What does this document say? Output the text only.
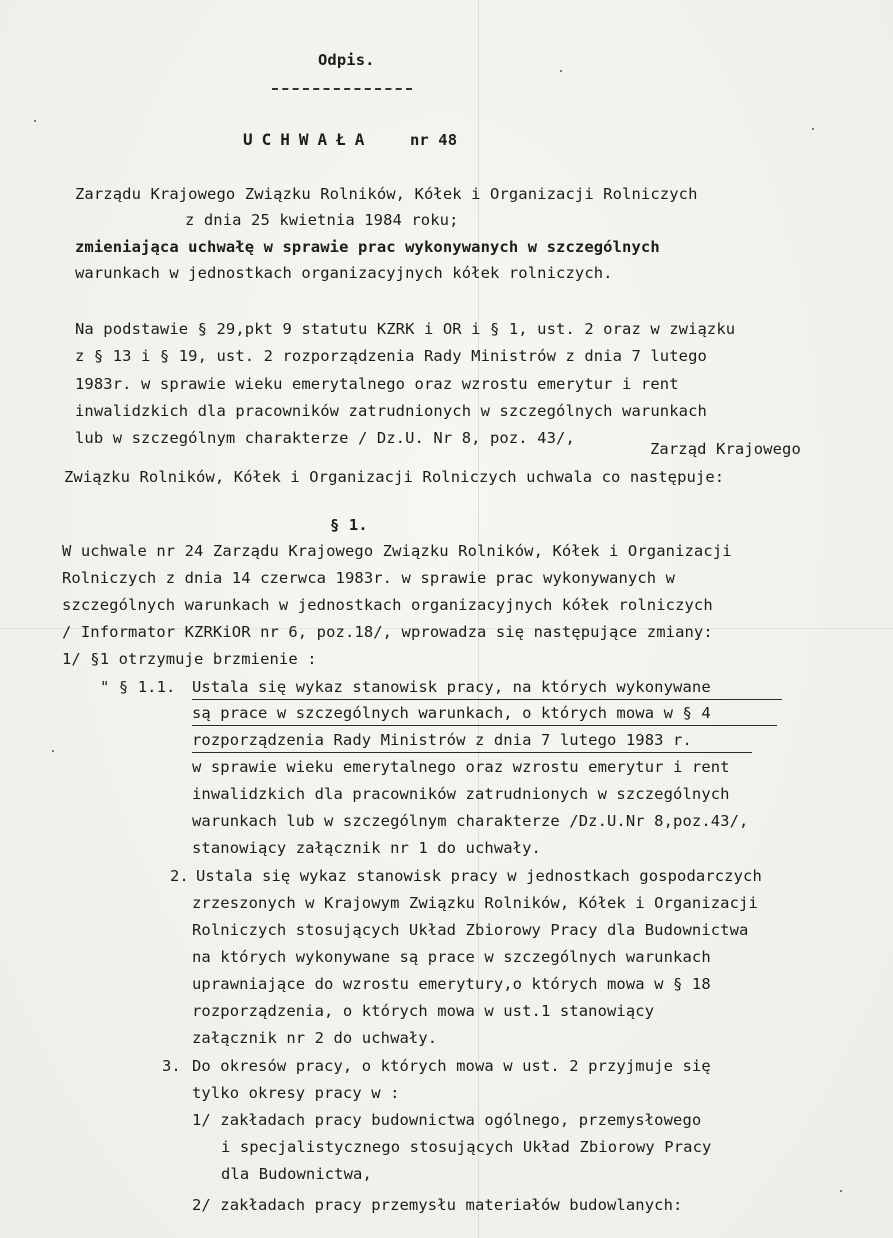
Odpis.
UCHWAŁA nr 48
Zarządu Krajowego Związku Rolników, Kółek i Organizacji Rolniczych
z dnia 25 kwietnia 1984 roku;
zmieniająca uchwałę w sprawie prac wykonywanych w szczególnych
warunkach w jednostkach organizacyjnych kółek rolniczych.
Na podstawie § 29,pkt 9 statutu KZRK i OR i § 1, ust. 2 oraz w związku
z § 13 i § 19, ust. 2 rozporządzenia Rady Ministrów z dnia 7 lutego
1983r. w sprawie wieku emerytalnego oraz wzrostu emerytur i rent
inwalidzkich dla pracowników zatrudnionych w szczególnych warunkach
lub w szczególnym charakterze / Dz.U. Nr 8, poz. 43/,
Zarząd Krajowego
Związku Rolników, Kółek i Organizacji Rolniczych uchwala co następuje:
§ 1.
W uchwale nr 24 Zarządu Krajowego Związku Rolników, Kółek i Organizacji
Rolniczych z dnia 14 czerwca 1983r. w sprawie prac wykonywanych w
szczególnych warunkach w jednostkach organizacyjnych kółek rolniczych
/ Informator KZRKiOR nr 6, poz.18/, wprowadza się następujące zmiany:
1/ §1 otrzymuje brzmienie :
" § 1.1. Ustala się wykaz stanowisk pracy, na których wykonywane
są prace w szczególnych warunkach, o których mowa w § 4
rozporządzenia Rady Ministrów z dnia 7 lutego 1983 r.
w sprawie wieku emerytalnego oraz wzrostu emerytur i rent
inwalidzkich dla pracowników zatrudnionych w szczególnych
warunkach lub w szczególnym charakterze /Dz.U.Nr 8,poz.43/,
stanowiący załącznik nr 1 do uchwały.
2. Ustala się wykaz stanowisk pracy w jednostkach gospodarczych
zrzeszonych w Krajowym Związku Rolników, Kółek i Organizacji
Rolniczych stosujących Układ Zbiorowy Pracy dla Budownictwa
na których wykonywane są prace w szczególnych warunkach
uprawniające do wzrostu emerytury,o których mowa w § 18
rozporządzenia, o których mowa w ust.1 stanowiący
załącznik nr 2 do uchwały.
3. Do okresów pracy, o których mowa w ust. 2 przyjmuje się
tylko okresy pracy w :
1/ zakładach pracy budownictwa ogólnego, przemysłowego
i specjalistycznego stosujących Układ Zbiorowy Pracy
dla Budownictwa,
2/ zakładach pracy przemysłu materiałów budowlanych:
